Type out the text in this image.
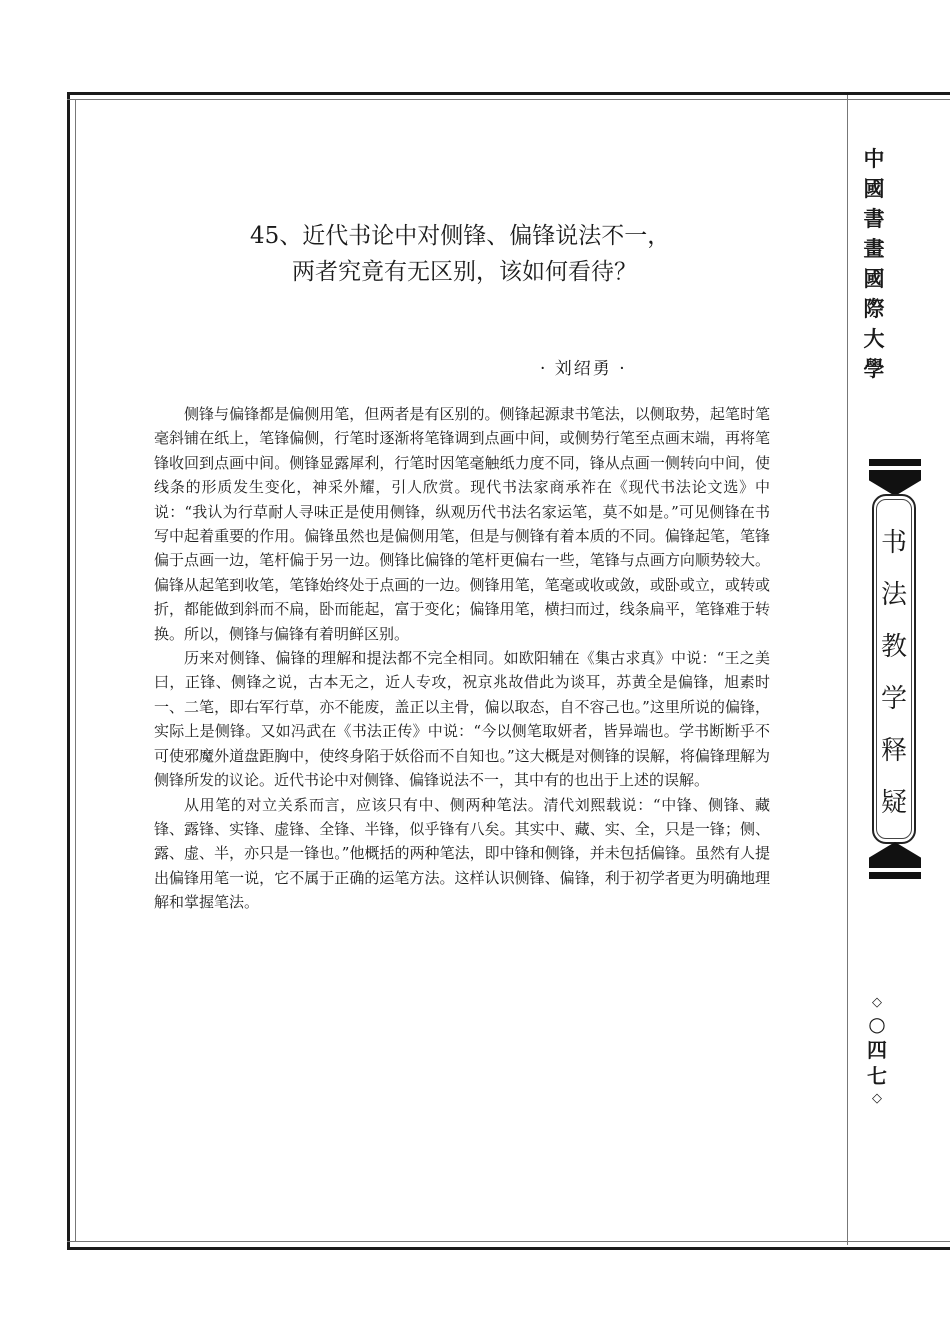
中
國
書
畫
國
際
大
學
书
法
教
学
释
疑
◇
○
四
七
◇
45、近代书论中对侧锋、偏锋说法不一，
两者究竟有无区别，该如何看待？
· 刘绍勇 ·

侧锋与偏锋都是偏侧用笔，但两者是有区别的。侧锋起源隶书笔法，以侧取势，起笔时笔毫斜铺在纸上，笔锋偏侧，行笔时逐渐将笔锋调到点画中间，或侧势行笔至点画末端，再将笔锋收回到点画中间。侧锋显露犀利，行笔时因笔毫触纸力度不同，锋从点画一侧转向中间，使线条的形质发生变化，神采外耀，引人欣赏。现代书法家商承祚在《现代书法论文选》中说：“我认为行草耐人寻味正是使用侧锋，纵观历代书法名家运笔，莫不如是。”可见侧锋在书写中起着重要的作用。偏锋虽然也是偏侧用笔，但是与侧锋有着本质的不同。偏锋起笔，笔锋偏于点画一边，笔杆偏于另一边。侧锋比偏锋的笔杆更偏右一些，笔锋与点画方向顺势较大。偏锋从起笔到收笔，笔锋始终处于点画的一边。侧锋用笔，笔毫或收或敛，或卧或立，或转或折，都能做到斜而不扁，卧而能起，富于变化；偏锋用笔，横扫而过，线条扁平，笔锋难于转换。所以，侧锋与偏锋有着明鲜区别。

历来对侧锋、偏锋的理解和提法都不完全相同。如欧阳辅在《集古求真》中说：“王之美曰，正锋、侧锋之说，古本无之，近人专攻，祝京兆故借此为谈耳，苏黄全是偏锋，旭素时一、二笔，即右军行草，亦不能废，盖正以主骨，偏以取态，自不容己也。”这里所说的偏锋，实际上是侧锋。又如冯武在《书法正传》中说：“今以侧笔取妍者，皆异端也。学书断断乎不可使邪魔外道盘距胸中，使终身陷于妖俗而不自知也。”这大概是对侧锋的误解，将偏锋理解为侧锋所发的议论。近代书论中对侧锋、偏锋说法不一，其中有的也出于上述的误解。

从用笔的对立关系而言，应该只有中、侧两种笔法。清代刘熙载说：“中锋、侧锋、藏锋、露锋、实锋、虚锋、全锋、半锋，似乎锋有八矣。其实中、藏、实、全，只是一锋；侧、露、虚、半，亦只是一锋也。”他概括的两种笔法，即中锋和侧锋，并未包括偏锋。虽然有人提出偏锋用笔一说，它不属于正确的运笔方法。这样认识侧锋、偏锋，利于初学者更为明确地理解和掌握笔法。
